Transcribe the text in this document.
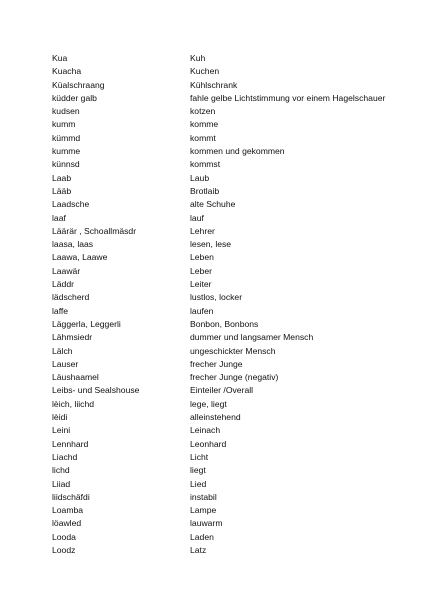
Kua	Kuh
Kuacha	Kuchen
Küalschraang	Kühlschrank
küdder galb	fahle gelbe Lichtstimmung vor einem Hagelschauer
kudsen	kotzen
kumm	komme
kümmd	kommt
kumme	kommen und gekommen
künnsd	kommst
Laab	Laub
Lääb	Brotlaib
Laadsche	alte Schuhe
laaf	lauf
Läärär , Schoallmäsdr	Lehrer
laasa, laas	lesen, lese
Laawa, Laawe	Leben
Laawär	Leber
Läddr	Leiter
lädscherd	lustlos, locker
laffe	laufen
Läggerla, Leggerli	Bonbon, Bonbons
Lähmsiedr	dummer und langsamer Mensch
Lälch	ungeschickter Mensch
Lauser	frecher Junge
Läushaamel	frecher Junge (negativ)
Leibs- und Sealshouse	Einteiler /Overall
lèich, liichd	lege, liegt
lèidi	alleinstehend
Leini	Leinach
Lennhard	Leonhard
Liachd	Licht
lichd	liegt
Liiad	Lied
liidschäfdi	instabil
Loamba	Lampe
löawled	lauwarm
Looda	Laden
Loodz	Latz
